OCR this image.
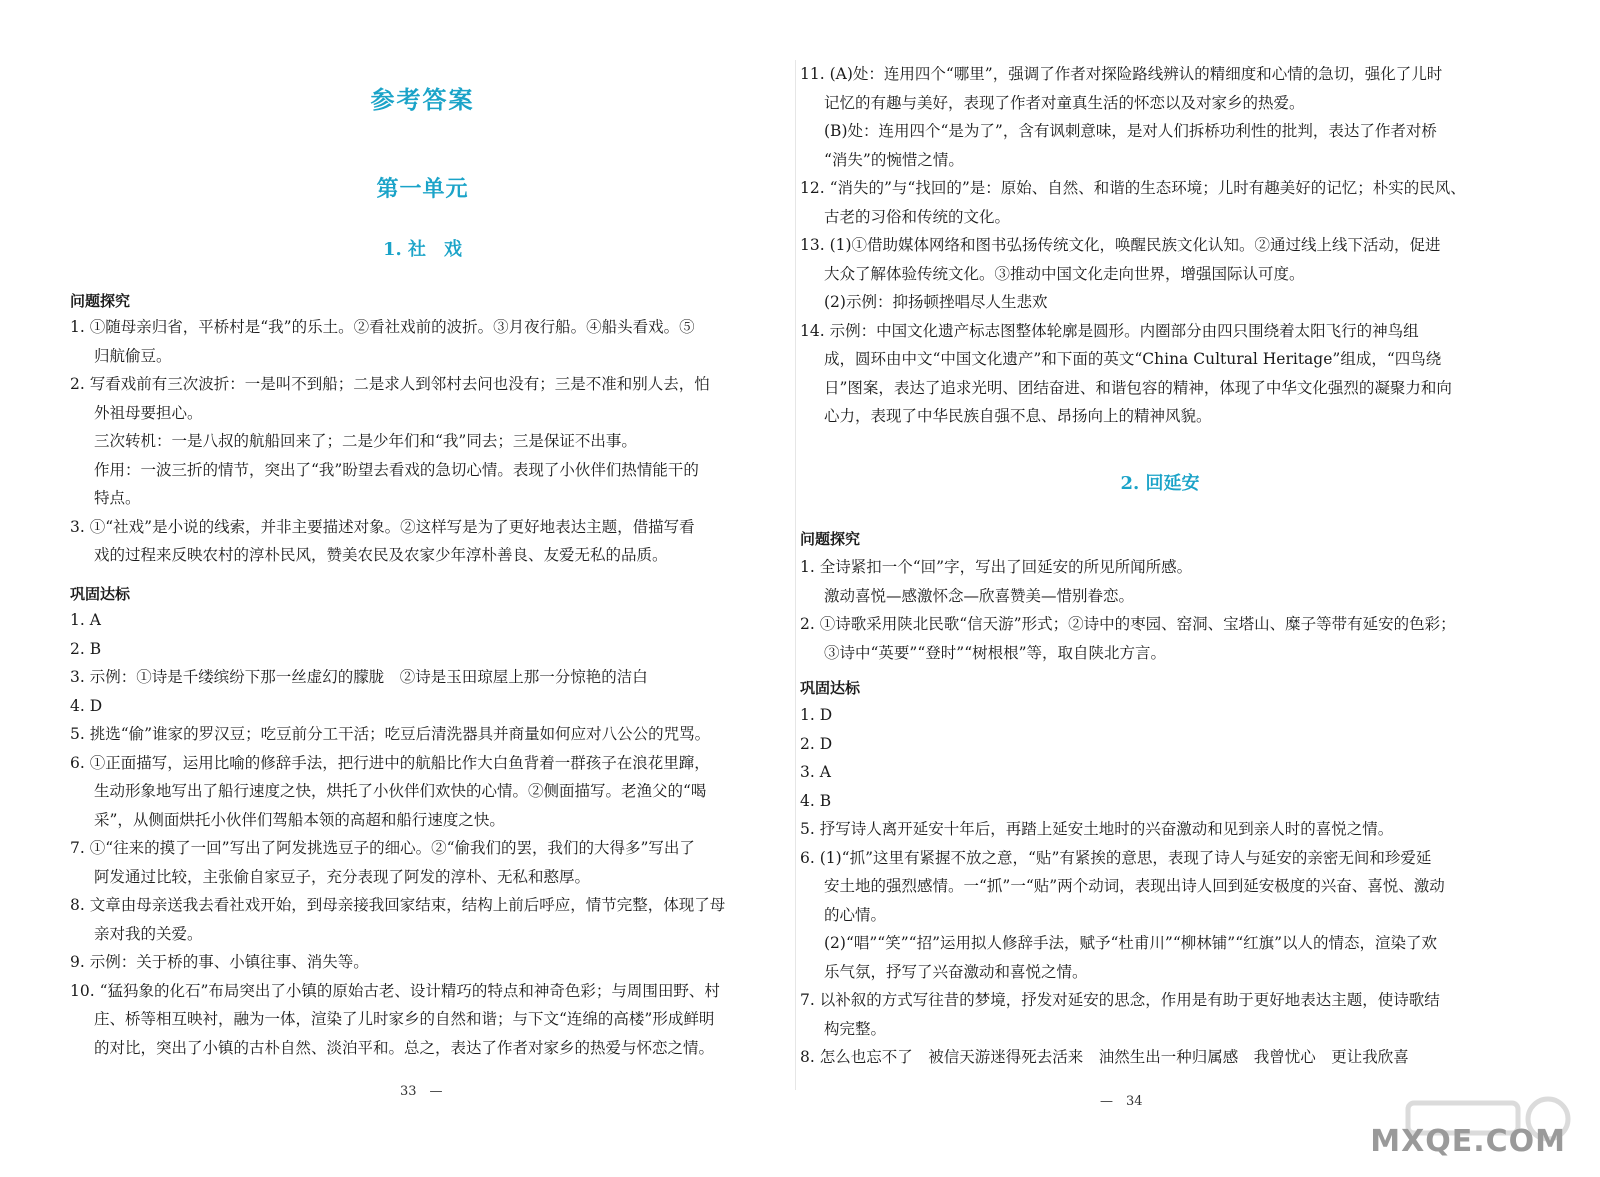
参考答案
第一单元
1. 社　戏
问题探究
1. ①随母亲归省，平桥村是“我”的乐土。②看社戏前的波折。③月夜行船。④船头看戏。⑤
归航偷豆。
2. 写看戏前有三次波折：一是叫不到船；二是求人到邻村去问也没有；三是不准和别人去，怕
外祖母要担心。
三次转机：一是八叔的航船回来了；二是少年们和“我”同去；三是保证不出事。
作用：一波三折的情节，突出了“我”盼望去看戏的急切心情。表现了小伙伴们热情能干的
特点。
3. ①“社戏”是小说的线索，并非主要描述对象。②这样写是为了更好地表达主题，借描写看
戏的过程来反映农村的淳朴民风，赞美农民及农家少年淳朴善良、友爱无私的品质。
巩固达标
1. A
2. B
3. 示例：①诗是千缕缤纷下那一丝虚幻的朦胧　②诗是玉田琼屋上那一分惊艳的洁白
4. D
5. 挑选“偷”谁家的罗汉豆；吃豆前分工干活；吃豆后清洗器具并商量如何应对八公公的咒骂。
6. ①正面描写，运用比喻的修辞手法，把行进中的航船比作大白鱼背着一群孩子在浪花里蹿，
生动形象地写出了船行速度之快，烘托了小伙伴们欢快的心情。②侧面描写。老渔父的“喝
采”，从侧面烘托小伙伴们驾船本领的高超和船行速度之快。
7. ①“往来的摸了一回”写出了阿发挑选豆子的细心。②“偷我们的罢，我们的大得多”写出了
阿发通过比较，主张偷自家豆子，充分表现了阿发的淳朴、无私和憨厚。
8. 文章由母亲送我去看社戏开始，到母亲接我回家结束，结构上前后呼应，情节完整，体现了母
亲对我的关爱。
9. 示例：关于桥的事、小镇往事、消失等。
10. “猛犸象的化石”布局突出了小镇的原始古老、设计精巧的特点和神奇色彩；与周围田野、村
庄、桥等相互映衬，融为一体，渲染了儿时家乡的自然和谐；与下文“连绵的高楼”形成鲜明
的对比，突出了小镇的古朴自然、淡泊平和。总之，表达了作者对家乡的热爱与怀恋之情。
33　—
11. (A)处：连用四个“哪里”，强调了作者对探险路线辨认的精细度和心情的急切，强化了儿时
记忆的有趣与美好，表现了作者对童真生活的怀恋以及对家乡的热爱。
(B)处：连用四个“是为了”，含有讽刺意味，是对人们拆桥功利性的批判，表达了作者对桥
“消失”的惋惜之情。
12. “消失的”与“找回的”是：原始、自然、和谐的生态环境；儿时有趣美好的记忆；朴实的民风、
古老的习俗和传统的文化。
13. (1)①借助媒体网络和图书弘扬传统文化，唤醒民族文化认知。②通过线上线下活动，促进
大众了解体验传统文化。③推动中国文化走向世界，增强国际认可度。
(2)示例：抑扬顿挫唱尽人生悲欢
14. 示例：中国文化遗产标志图整体轮廓是圆形。内圈部分由四只围绕着太阳飞行的神鸟组
成，圆环由中文“中国文化遗产”和下面的英文“China Cultural Heritage”组成，“四鸟绕
日”图案，表达了追求光明、团结奋进、和谐包容的精神，体现了中华文化强烈的凝聚力和向
心力，表现了中华民族自强不息、昂扬向上的精神风貌。
2. 回延安
问题探究
1. 全诗紧扣一个“回”字，写出了回延安的所见所闻所感。
激动喜悦—感激怀念—欣喜赞美—惜别眷恋。
2. ①诗歌采用陕北民歌“信天游”形式；②诗中的枣园、窑洞、宝塔山、糜子等带有延安的色彩；
③诗中“英要”“登时”“树根根”等，取自陕北方言。
巩固达标
1. D
2. D
3. A
4. B
5. 抒写诗人离开延安十年后，再踏上延安土地时的兴奋激动和见到亲人时的喜悦之情。
6. (1)“抓”这里有紧握不放之意，“贴”有紧挨的意思，表现了诗人与延安的亲密无间和珍爱延
安土地的强烈感情。一“抓”一“贴”两个动词，表现出诗人回到延安极度的兴奋、喜悦、激动
的心情。
(2)“唱”“笑”“招”运用拟人修辞手法，赋予“杜甫川”“柳林铺”“红旗”以人的情态，渲染了欢
乐气氛，抒写了兴奋激动和喜悦之情。
7. 以补叙的方式写往昔的梦境，抒发对延安的思念，作用是有助于更好地表达主题，使诗歌结
构完整。
8. 怎么也忘不了　被信天游迷得死去活来　油然生出一种归属感　我曾忧心　更让我欣喜
—　34
MXQE.COM
